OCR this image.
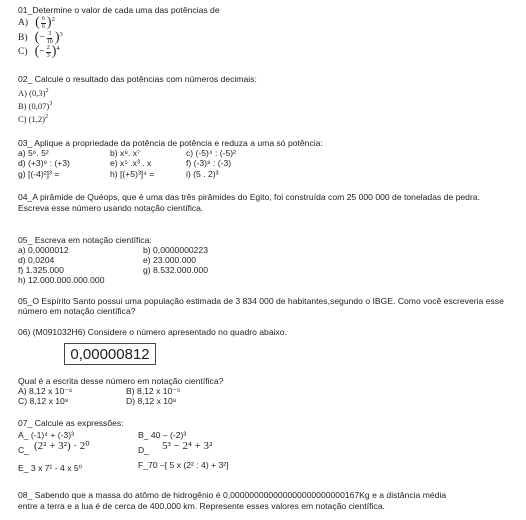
01_Determine o valor de cada uma das potências de
A) ( $\frac{6}{6} )^2$
B) (− $\frac{3}{10} )^3$
C) (− $\frac{2}{3} )^4$
02_ Calcule o resultado das potências com números decimais:
A) $(0,3)^2$
B) $(0,07)^3$
C) $(1,2)^2$
03_ Aplique a propriedade da potência de potência e reduza a uma só potência:
a) 5⁶. 5²	b) x⁸. x⁷	c) (-5)⁴ : (-5)²
d) (+3)⁹ : (+3)	e) x⁵ .x³ . x	f) (-3)⁸ : (-3)
g) [(-4)²]³ =	h) [(+5)³]⁴ =	i) (5 . 2)³
04_A pirâmide de Quéops, que é uma das três pirâmides do Egito, foi construída com 25 000 000 de toneladas de pedra.
Escreva esse número usando notação científica.
05_ Escreva em notação científica:
a) 0,0000012	b) 0,0000000223
d) 0,0204	e) 23.000.000
f) 1.325.000	g) 8.532.000.000
h) 12.000.000.000.000
05_O Espírito Santo possui uma população estimada de 3 834 000 de habitantes,segundo o IBGE. Como você escreveria esse
número em notação científica?
06) (M091032H6) Considere o número apresentado no quadro abaixo.
0,00000812
Qual é a escrita desse número em notação científica?
A) 8,12 x 10⁻⁶	B) 8,12 x 10⁻⁵
C) 8,12 x 10⁸	D) 8,12 x 10⁸
07_ Calcule as expressões:
A_ (-1)⁴ + (-3)³	B_ 40 – (-2)³
C_ (2² + 3²) · 2⁰	D_ 5³ − 2⁴ + 3²
E_ 3 x 7¹ - 4 x 5⁰	F_70 –[ 5 x (2² : 4) + 3²]
08_ Sabendo que a massa do atômo de hidrogênio é 0,000000000000000000000000167Kg e a distância média
entre a terra e a lua é de cerca de 400.000 km. Represente esses valores em notação científica.
